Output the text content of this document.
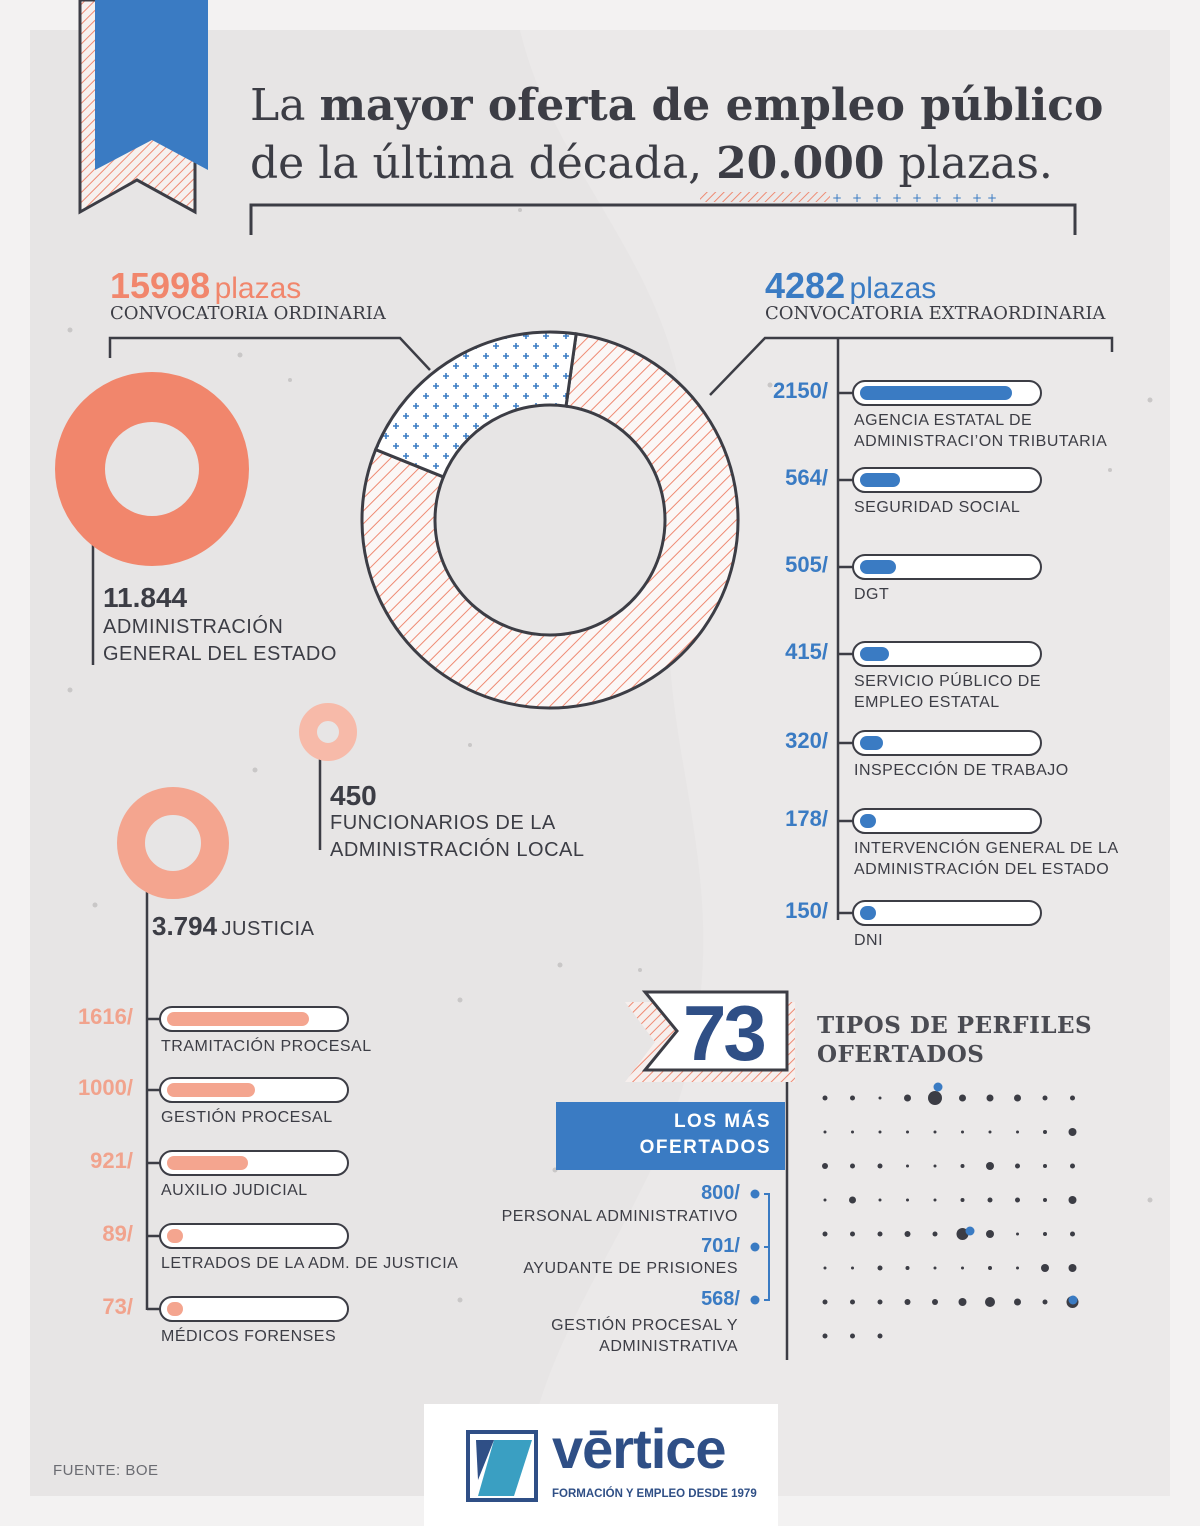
La mayor oferta de empleo público
de la última década, 20.000 plazas.
+ + + + + + + + +
15998 plazas
CONVOCATORIA ORDINARIA
4282 plazas
CONVOCATORIA EXTRAORDINARIA
11.844
ADMINISTRACIÓN
GENERAL DEL ESTADO
450
FUNCIONARIOS DE LA
ADMINISTRACIÓN LOCAL
3.794 JUSTICIA
2150/
AGENCIA ESTATAL DE
ADMINISTRACI’ON TRIBUTARIA
564/
SEGURIDAD SOCIAL
505/
DGT
415/
SERVICIO PÚBLICO DE
EMPLEO ESTATAL
320/
INSPECCIÓN DE TRABAJO
178/
INTERVENCIÓN GENERAL DE LA
ADMINISTRACIÓN DEL ESTADO
150/
DNI
1616/
TRAMITACIÓN PROCESAL
1000/
GESTIÓN PROCESAL
921/
AUXILIO JUDICIAL
89/
LETRADOS DE LA ADM. DE JUSTICIA
73/
MÉDICOS FORENSES
73 TIPOS DE PERFILES
OFERTADOS
LOS MÁS
OFERTADOS
800/
PERSONAL ADMINISTRATIVO
701/
AYUDANTE DE PRISIONES
568/
GESTIÓN PROCESAL Y
ADMINISTRATIVA
FUENTE: BOE	vērtice
FORMACIÓN Y EMPLEO DESDE 1979
